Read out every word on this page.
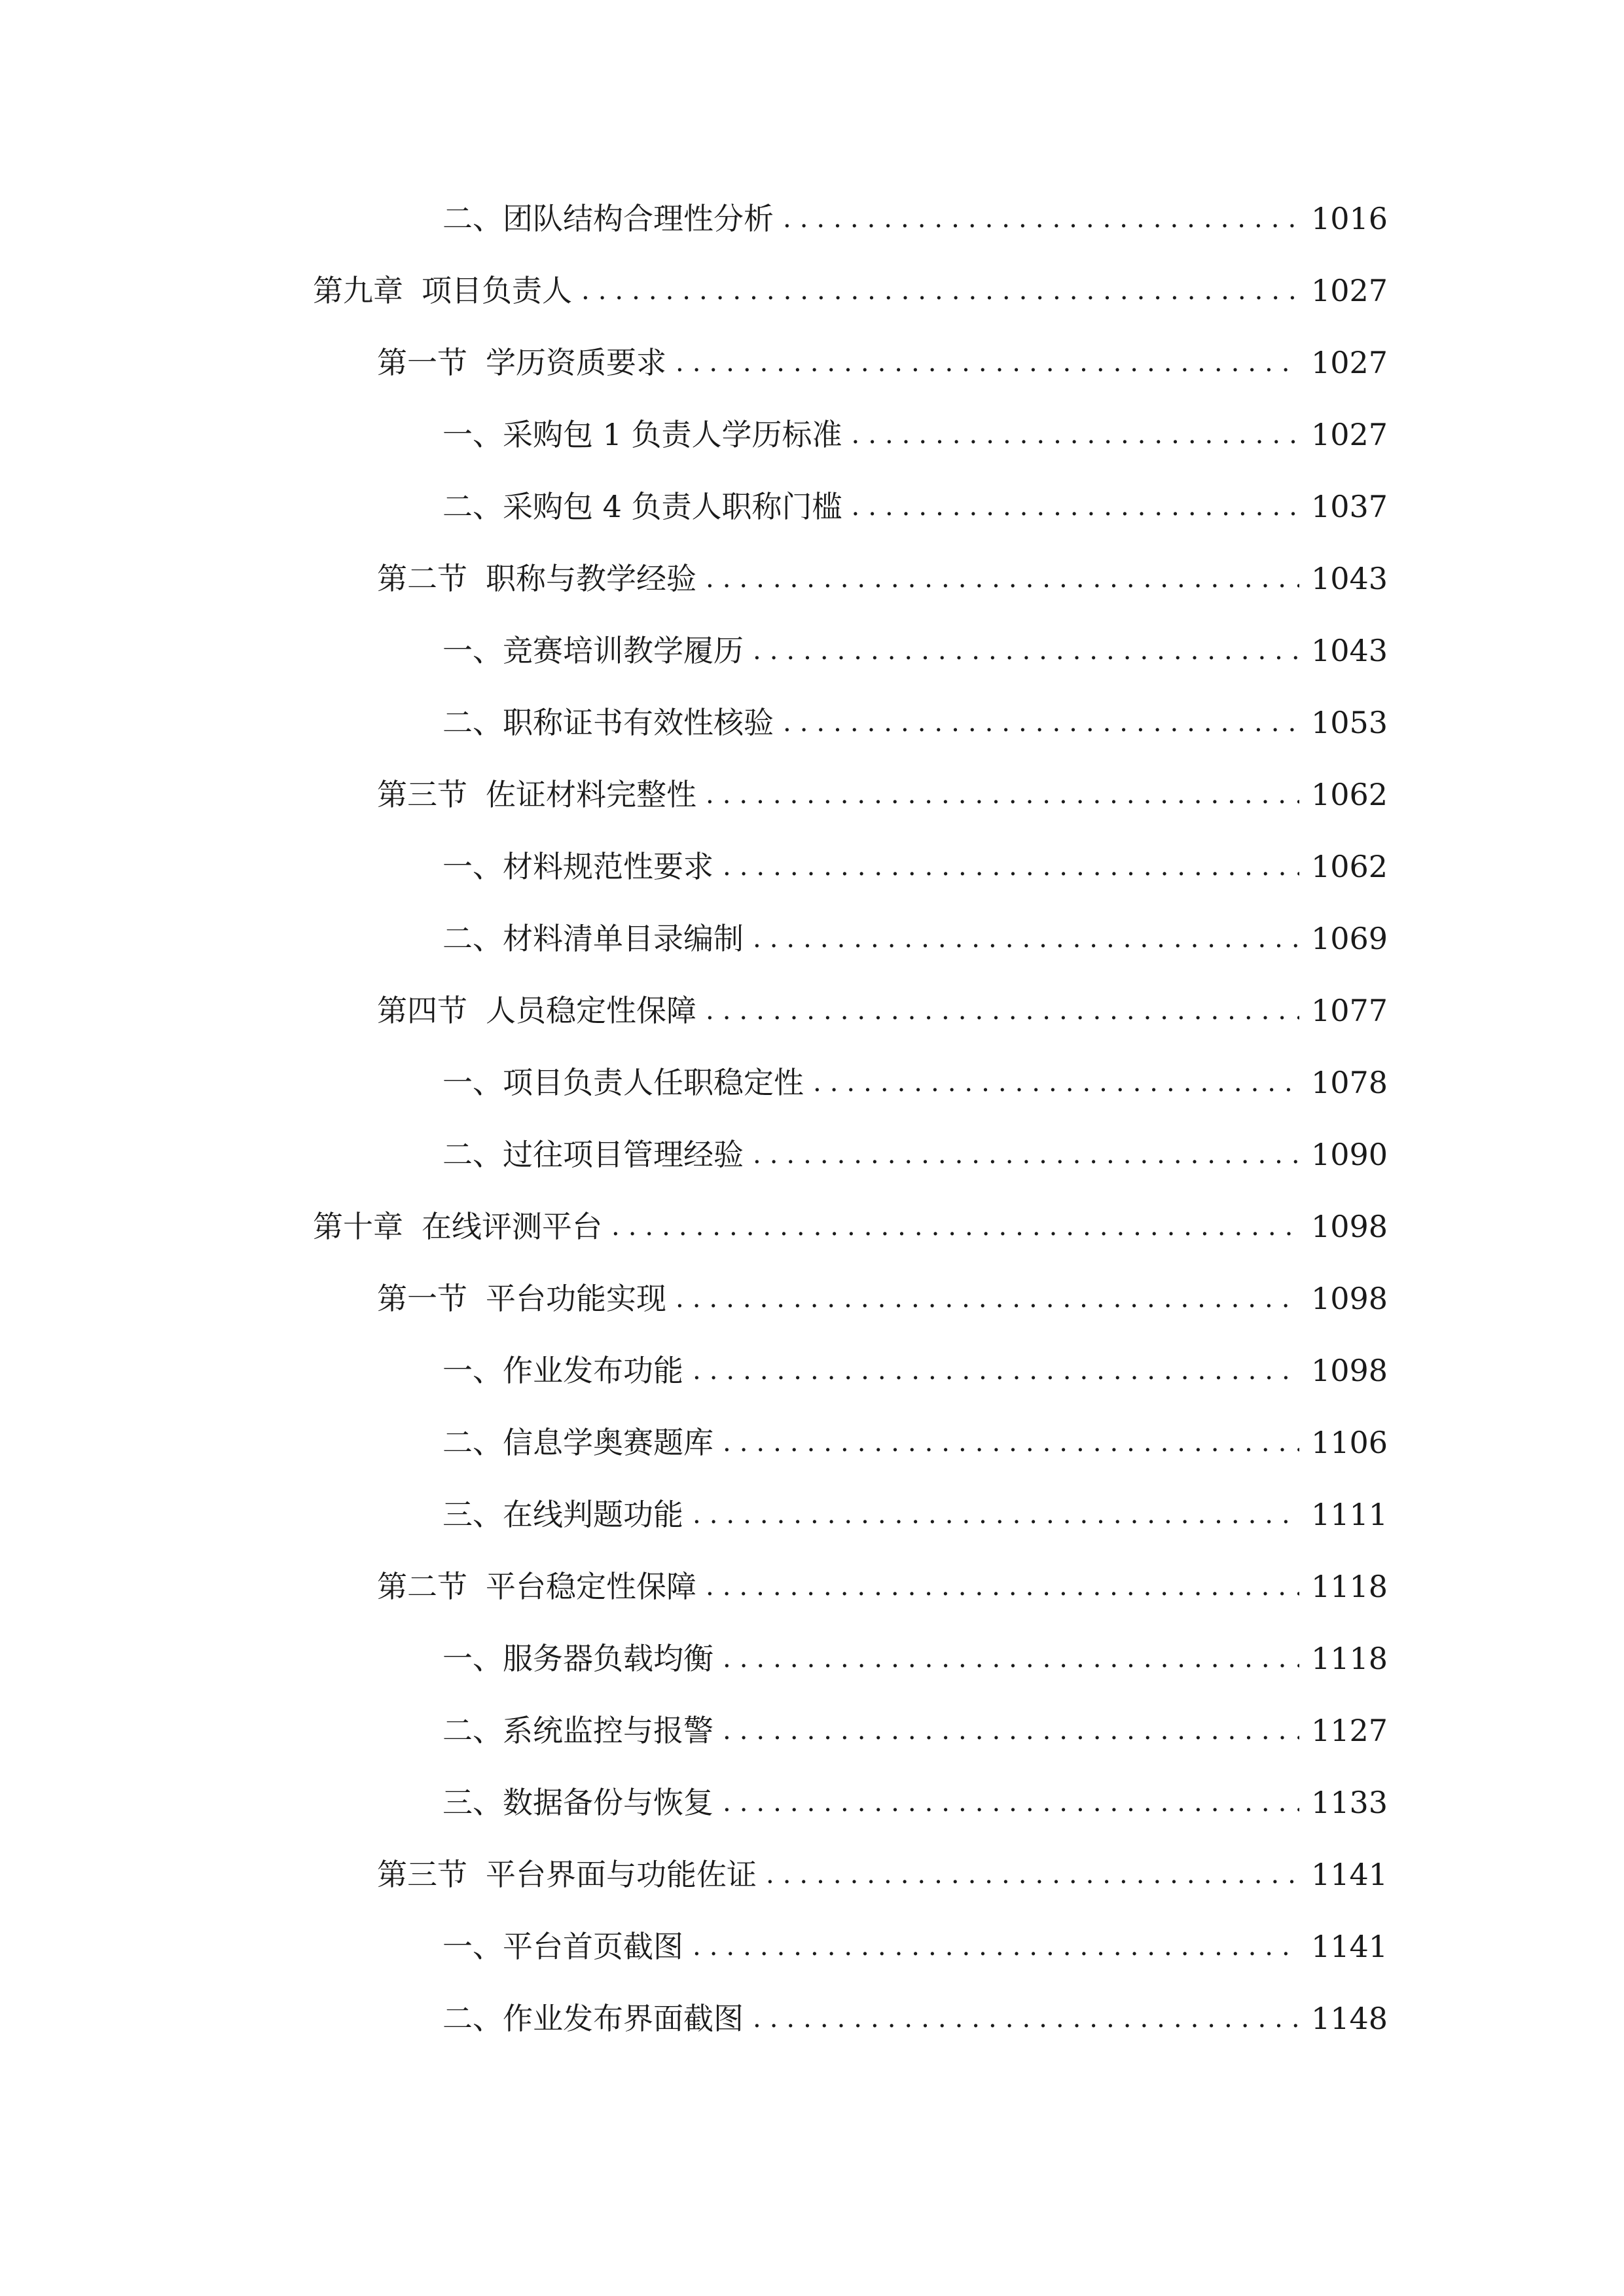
二、 团队结构合理性分析 .....	1016
第九章 项目负责人 .....	1027
第一节 学历资质要求 .....	1027
一、 采购包 1 负责人学历标准 .....	1027
二、 采购包 4 负责人职称门槛 .....	1037
第二节 职称与教学经验 .....	1043
一、 竞赛培训教学履历 .....	1043
二、 职称证书有效性核验 .....	1053
第三节 佐证材料完整性 .....	1062
一、 材料规范性要求 .....	1062
二、 材料清单目录编制 .....	1069
第四节 人员稳定性保障 .....	1077
一、 项目负责人任职稳定性 .....	1078
二、 过往项目管理经验 .....	1090
第十章 在线评测平台 .....	1098
第一节 平台功能实现 .....	1098
一、 作业发布功能 .....	1098
二、 信息学奥赛题库 .....	1106
三、 在线判题功能 .....	1111
第二节 平台稳定性保障 .....	1118
一、 服务器负载均衡 .....	1118
二、 系统监控与报警 .....	1127
三、 数据备份与恢复 .....	1133
第三节 平台界面与功能佐证 .....	1141
一、 平台首页截图 .....	1141
二、 作业发布界面截图 .....	1148
